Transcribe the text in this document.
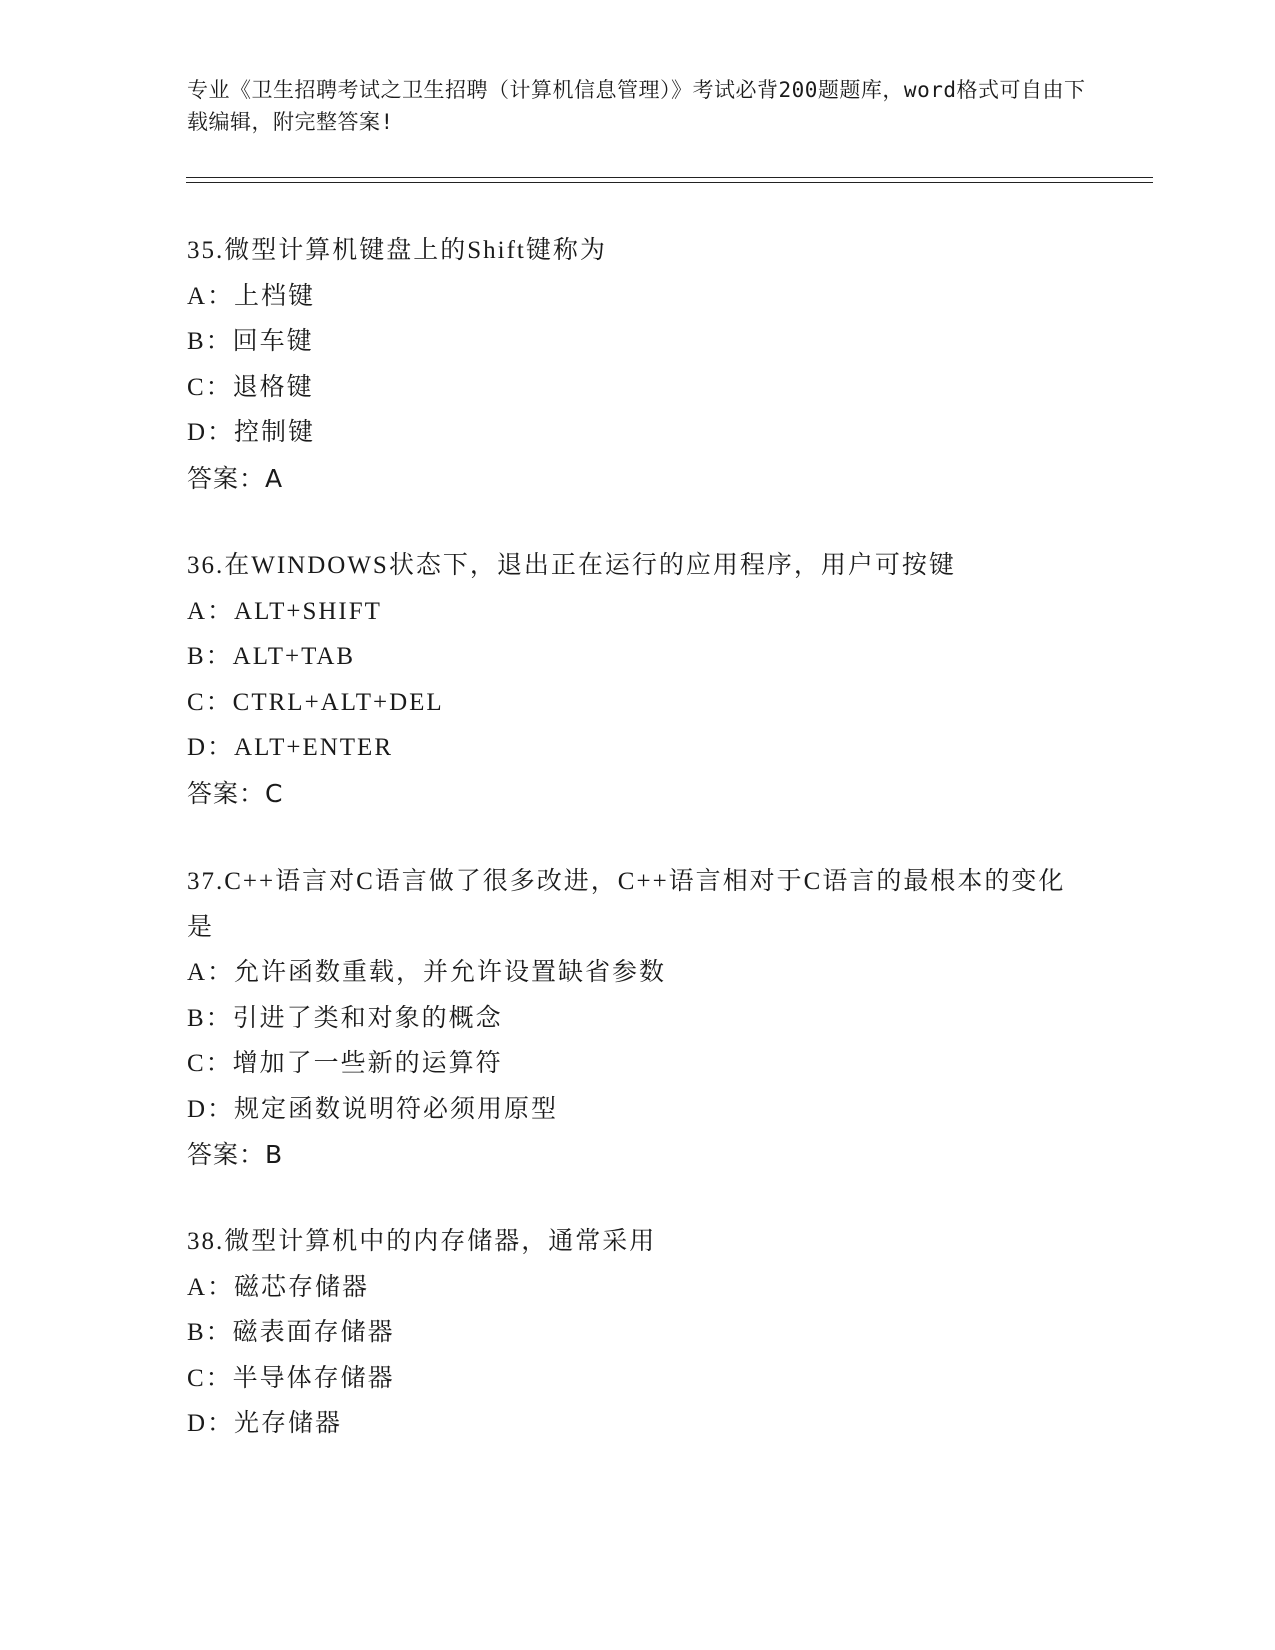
专业《卫生招聘考试之卫生招聘（计算机信息管理）》考试必背200题题库，word格式可自由下载编辑，附完整答案!
35.微型计算机键盘上的Shift键称为
A：上档键
B：回车键
C：退格键
D：控制键
答案：A
36.在WINDOWS状态下，退出正在运行的应用程序，用户可按键
A：ALT+SHIFT
B：ALT+TAB
C：CTRL+ALT+DEL
D：ALT+ENTER
答案：C
37.C++语言对C语言做了很多改进，C++语言相对于C语言的最根本的变化是
A：允许函数重载，并允许设置缺省参数
B：引进了类和对象的概念
C：增加了一些新的运算符
D：规定函数说明符必须用原型
答案：B
38.微型计算机中的内存储器，通常采用
A：磁芯存储器
B：磁表面存储器
C：半导体存储器
D：光存储器
